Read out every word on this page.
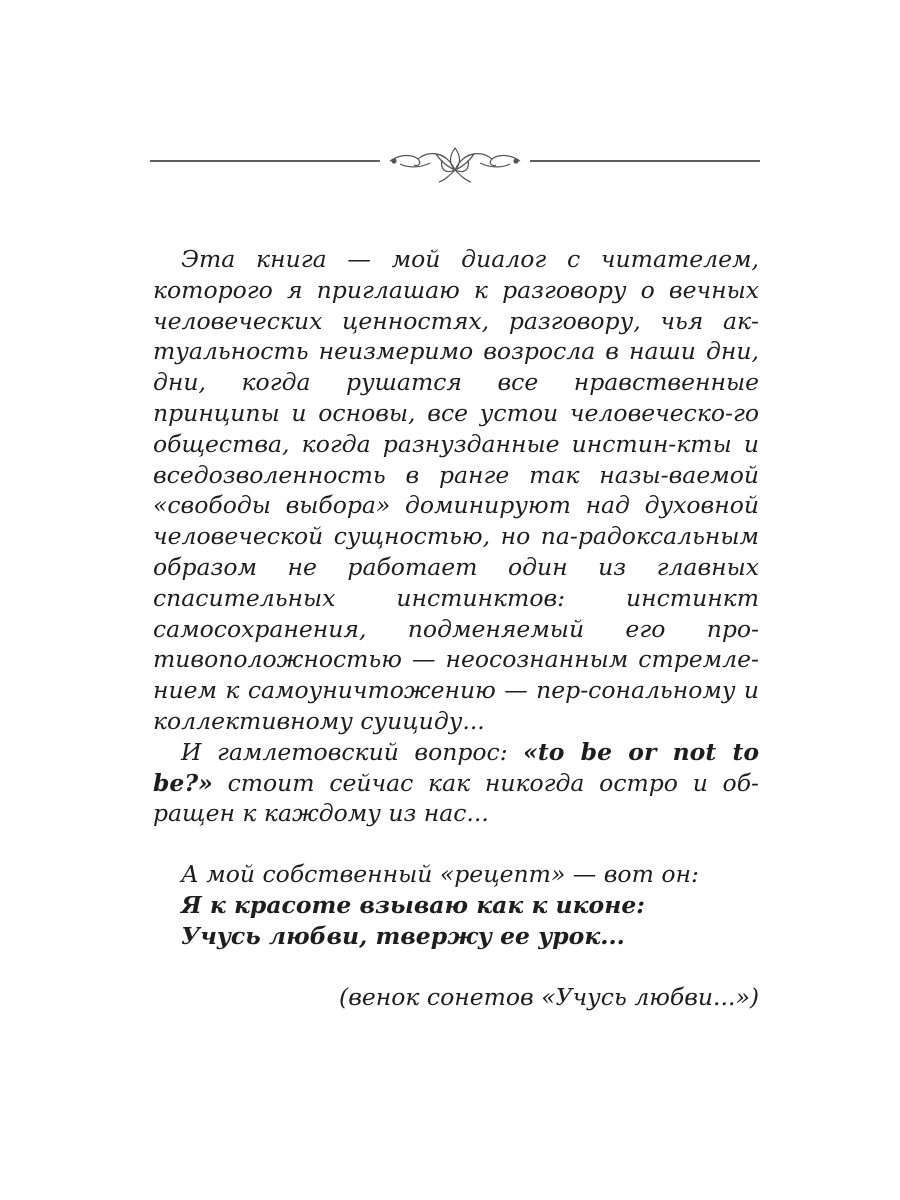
Эта книга — мой диалог с читателем, которого я приглашаю к разговору о вечных человеческих ценностях, разговору, чья ак-туальность неизмеримо возросла в наши дни, дни, когда рушатся все нравственные принципы и основы, все устои человеческо-го общества, когда разнузданные инстин-кты и вседозволенность в ранге так назы-ваемой «свободы выбора» доминируют над духовной человеческой сущностью, но па-радоксальным образом не работает один из главных спасительных инстинктов: инстинкт самосохранения, подменяемый его противоположностью — неосознанным стремлением к самоуничтожению — пер-сональному и коллективному суициду...

И гамлетовский вопрос: «to be or not to be?» стоит сейчас как никогда остро и об-ращен к каждому из нас...

А мой собственный «рецепт» — вот он:
Я к красоте взываю как к иконе:
Учусь любви, твержу ее урок...
(венок сонетов «Учусь любви...»)
